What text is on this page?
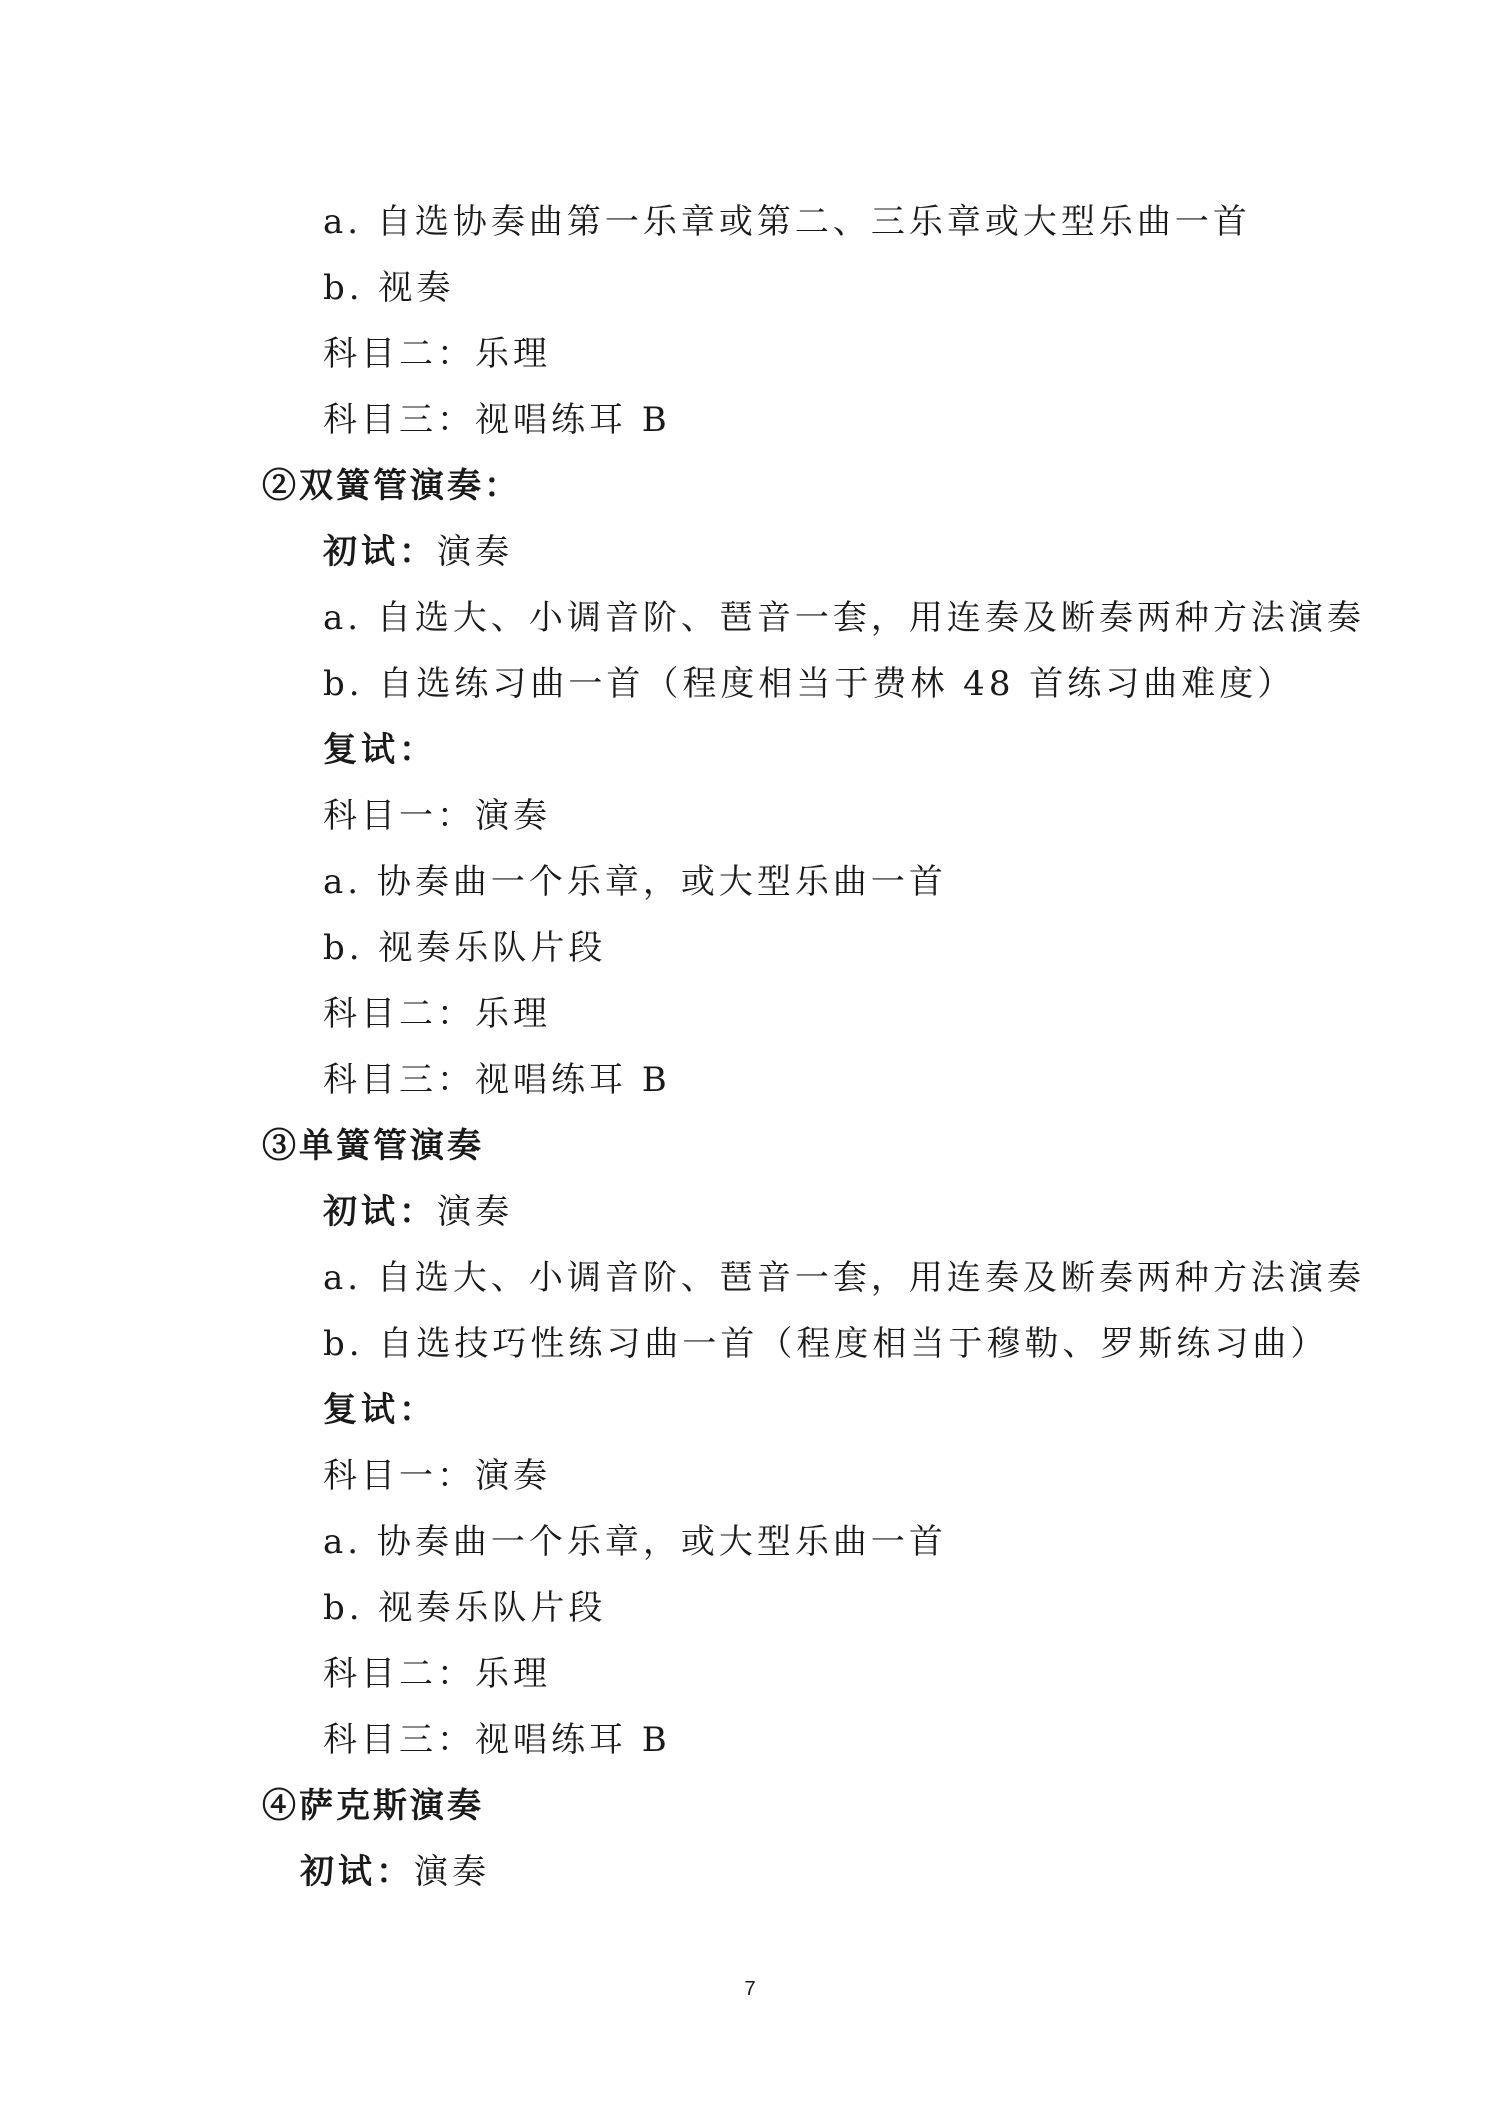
a. 自选协奏曲第一乐章或第二、三乐章或大型乐曲一首
b. 视奏
科目二：乐理
科目三：视唱练耳 B
②双簧管演奏：
初试：演奏
a. 自选大、小调音阶、琶音一套，用连奏及断奏两种方法演奏
b. 自选练习曲一首（程度相当于费林 48 首练习曲难度）
复试：
科目一：演奏
a. 协奏曲一个乐章，或大型乐曲一首
b. 视奏乐队片段
科目二：乐理
科目三：视唱练耳 B
③单簧管演奏
初试：演奏
a. 自选大、小调音阶、琶音一套，用连奏及断奏两种方法演奏
b. 自选技巧性练习曲一首（程度相当于穆勒、罗斯练习曲）
复试：
科目一：演奏
a. 协奏曲一个乐章，或大型乐曲一首
b. 视奏乐队片段
科目二：乐理
科目三：视唱练耳 B
④萨克斯演奏
初试：演奏
7
